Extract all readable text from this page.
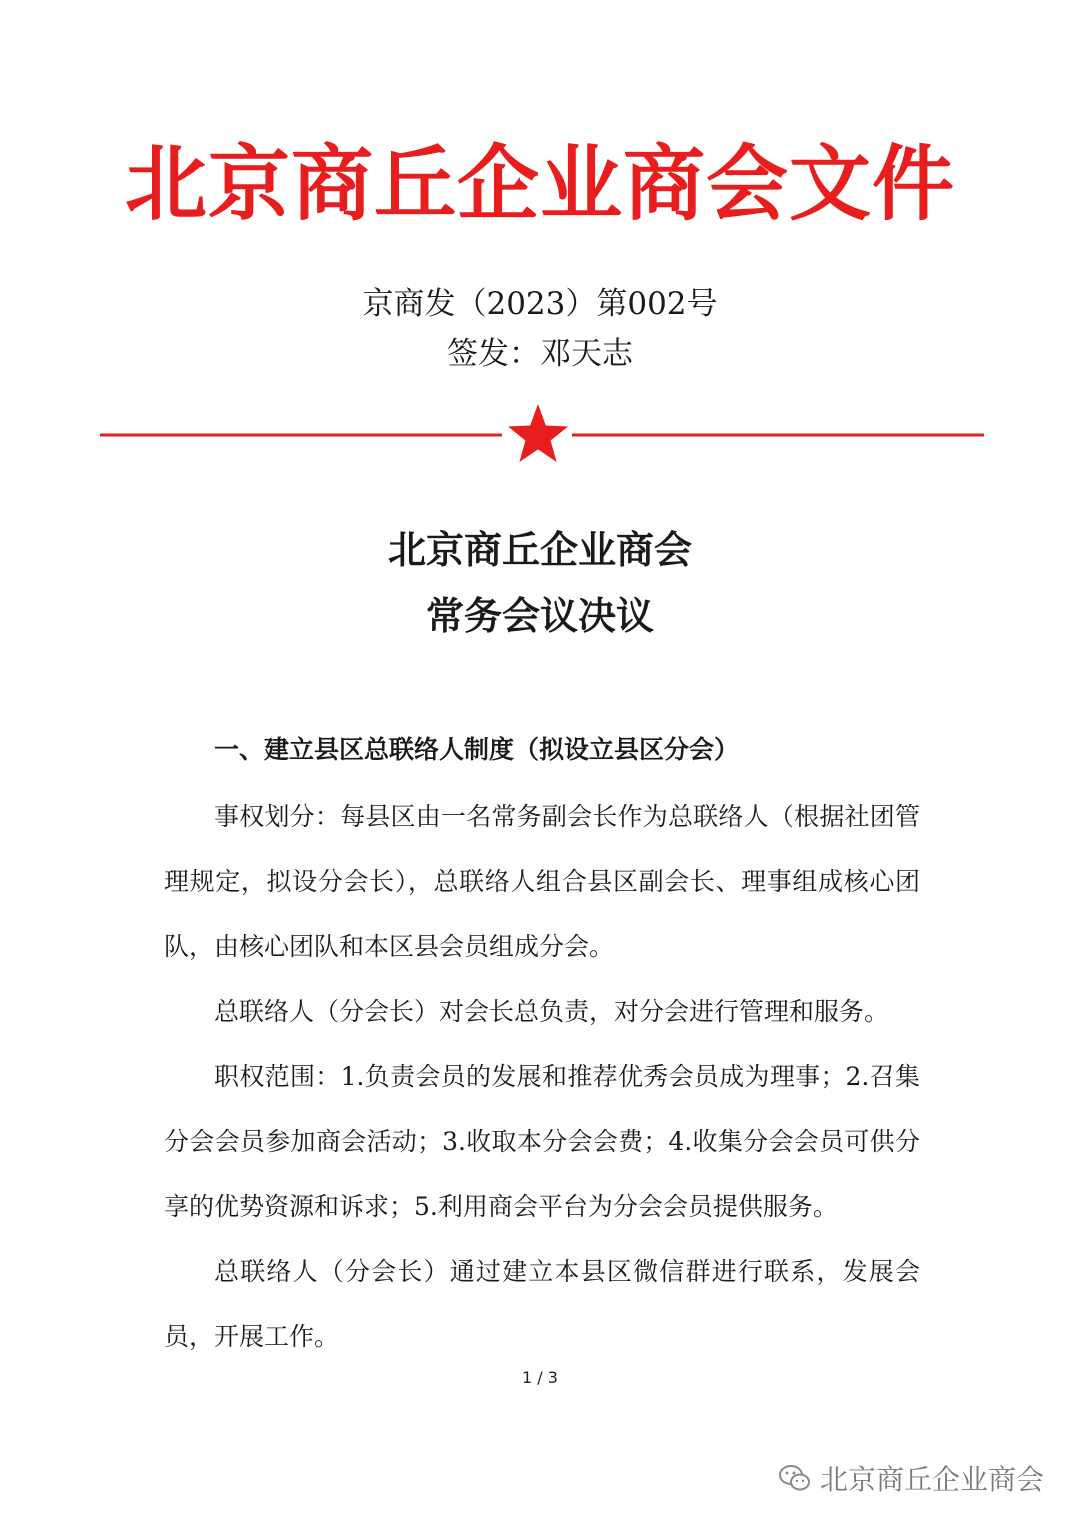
北京商丘企业商会文件
京商发（2023）第002号
签发：邓天志
北京商丘企业商会
常务会议决议
一、建立县区总联络人制度（拟设立县区分会）

事权划分：每县区由一名常务副会长作为总联络人（根据社团管理规定，拟设分会长），总联络人组合县区副会长、理事组成核心团队，由核心团队和本区县会员组成分会。

总联络人（分会长）对会长总负责，对分会进行管理和服务。

职权范围：1.负责会员的发展和推荐优秀会员成为理事；2.召集分会会员参加商会活动；3.收取本分会会费；4.收集分会会员可供分享的优势资源和诉求；5.利用商会平台为分会会员提供服务。

总联络人（分会长）通过建立本县区微信群进行联系，发展会员，开展工作。

1 / 3
北京商丘企业商会
